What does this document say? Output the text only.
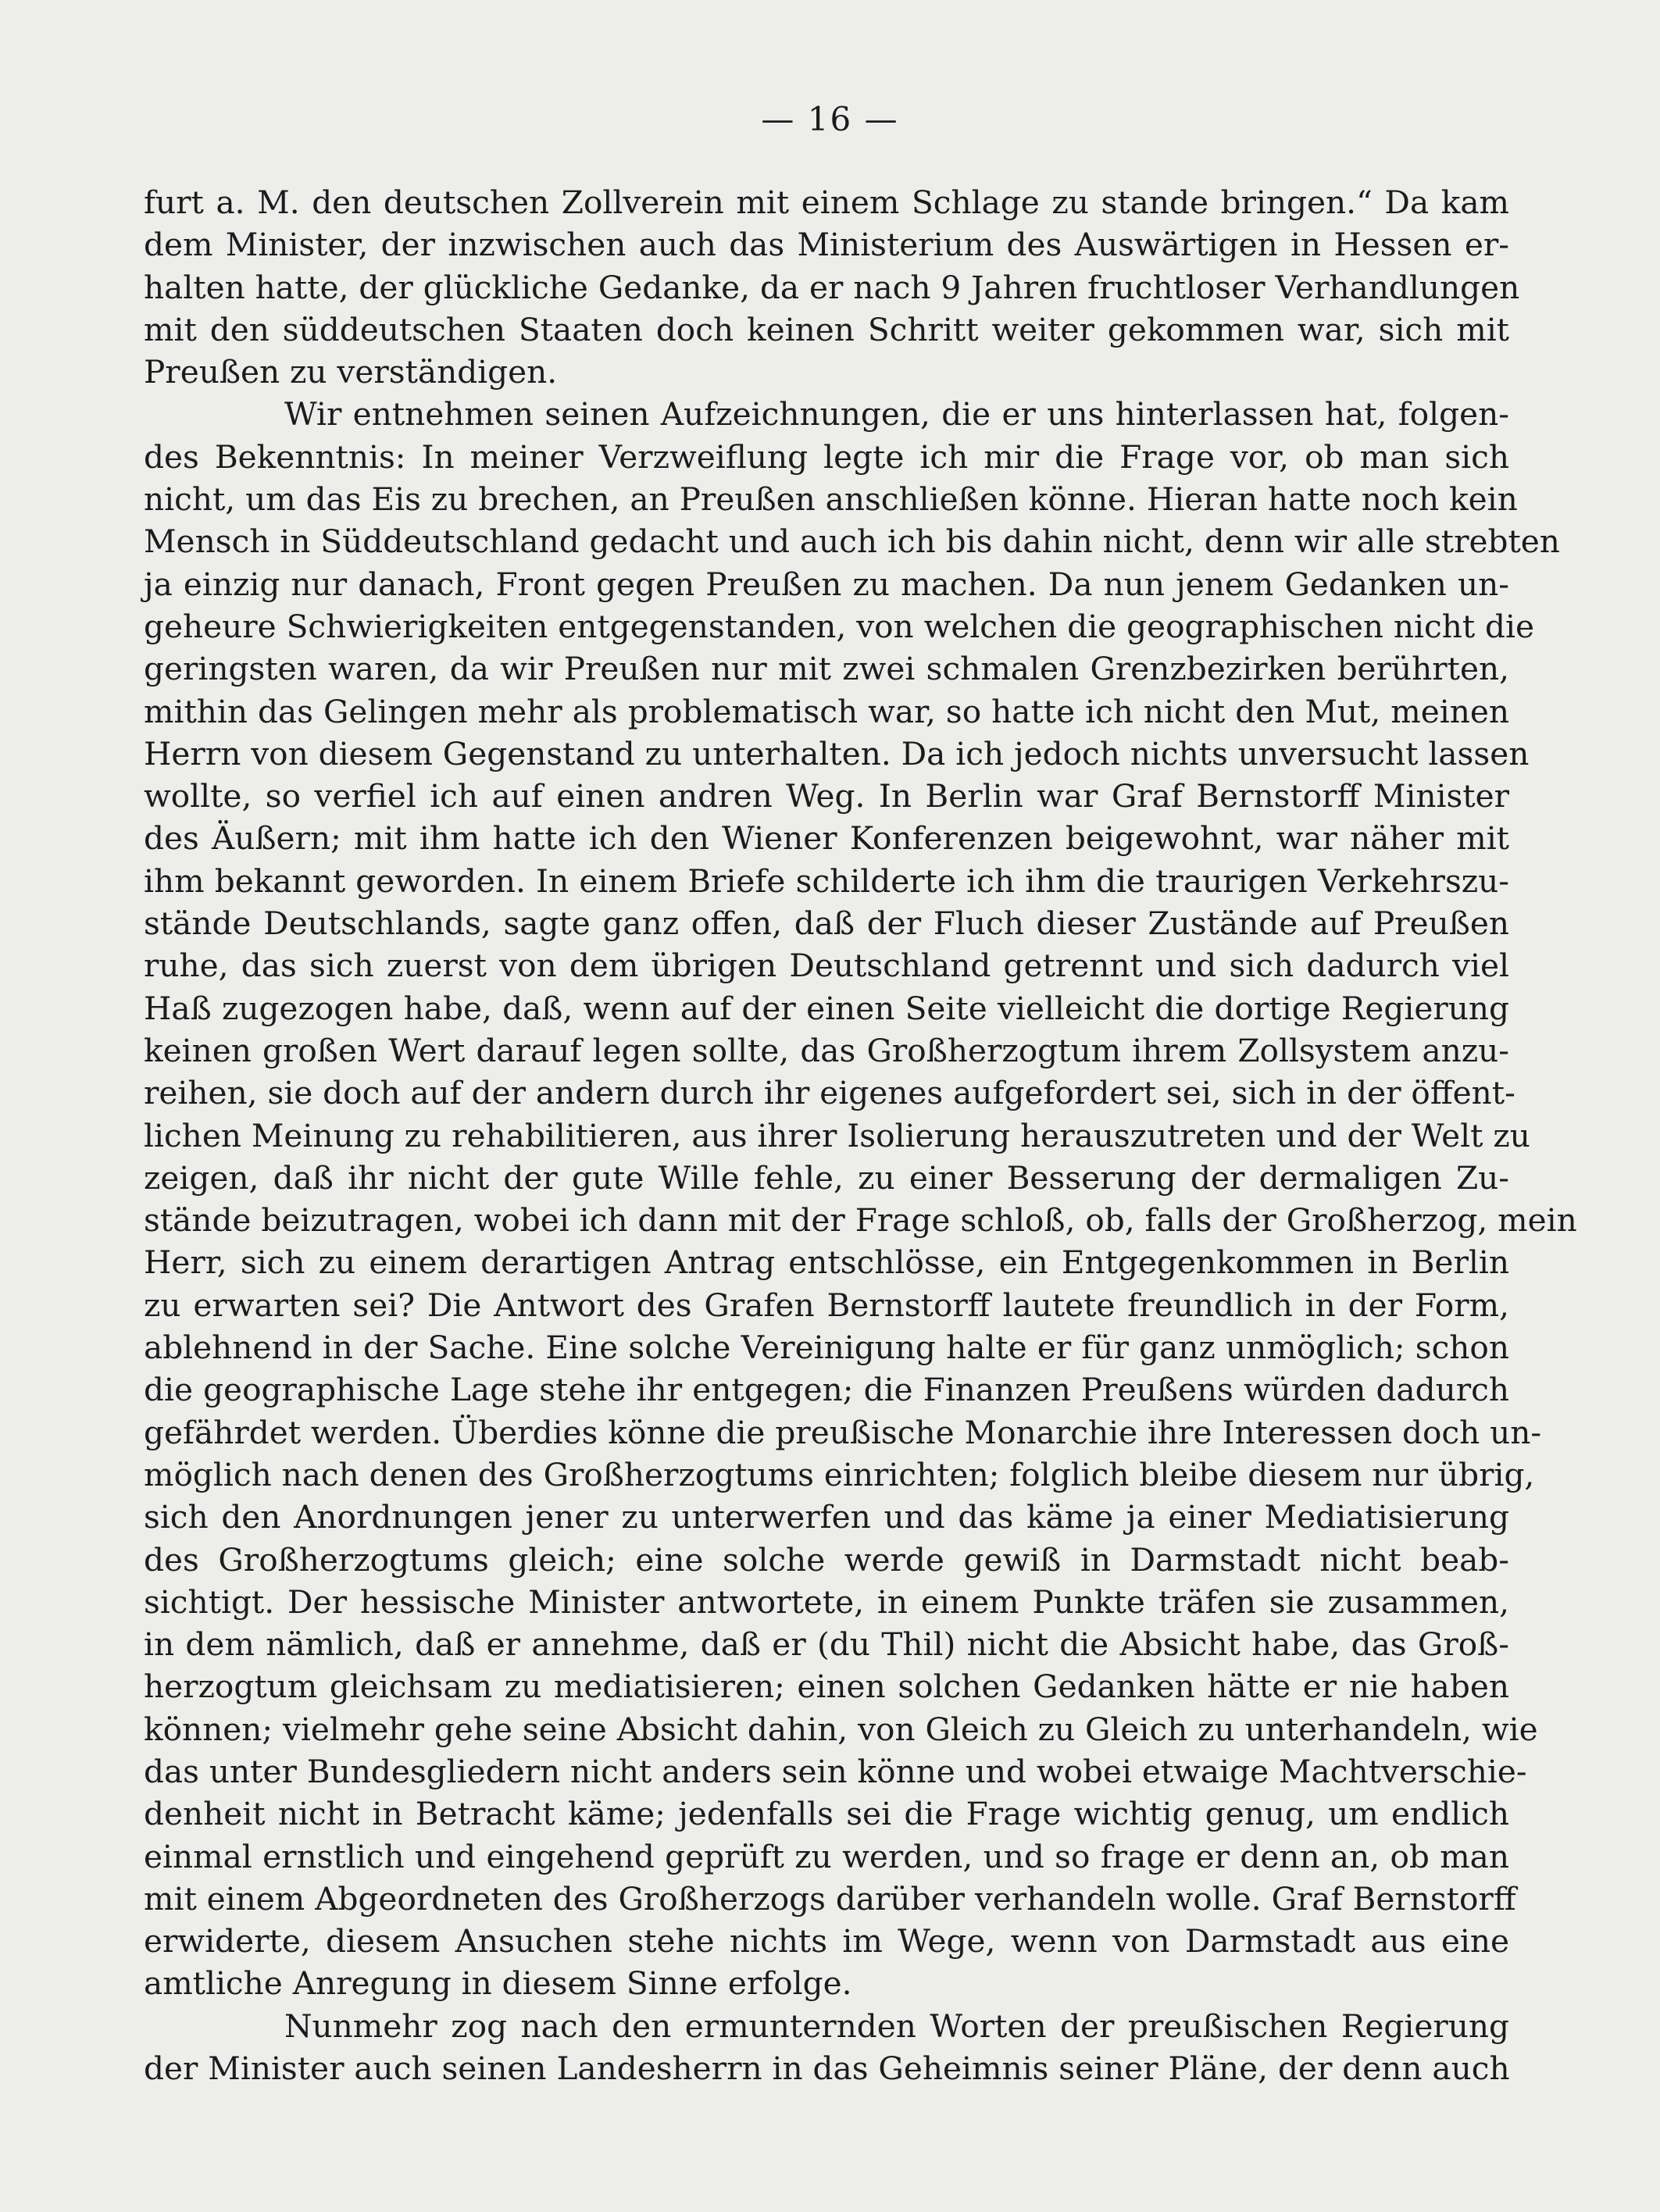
— 16 —
furt a. M. den deutschen Zollverein mit einem Schlage zu stande bringen.“ Da kam
dem Minister, der inzwischen auch das Ministerium des Auswärtigen in Hessen er-
halten hatte, der glückliche Gedanke, da er nach 9 Jahren fruchtloser Verhandlungen
mit den süddeutschen Staaten doch keinen Schritt weiter gekommen war, sich mit
Preußen zu verständigen.
Wir entnehmen seinen Aufzeichnungen, die er uns hinterlassen hat, folgen-
des Bekenntnis: In meiner Verzweiflung legte ich mir die Frage vor, ob man sich
nicht, um das Eis zu brechen, an Preußen anschließen könne. Hieran hatte noch kein
Mensch in Süddeutschland gedacht und auch ich bis dahin nicht, denn wir alle strebten
ja einzig nur danach, Front gegen Preußen zu machen. Da nun jenem Gedanken un-
geheure Schwierigkeiten entgegenstanden, von welchen die geographischen nicht die
geringsten waren, da wir Preußen nur mit zwei schmalen Grenzbezirken berührten,
mithin das Gelingen mehr als problematisch war, so hatte ich nicht den Mut, meinen
Herrn von diesem Gegenstand zu unterhalten. Da ich jedoch nichts unversucht lassen
wollte, so verfiel ich auf einen andren Weg. In Berlin war Graf Bernstorff Minister
des Äußern; mit ihm hatte ich den Wiener Konferenzen beigewohnt, war näher mit
ihm bekannt geworden. In einem Briefe schilderte ich ihm die traurigen Verkehrszu-
stände Deutschlands, sagte ganz offen, daß der Fluch dieser Zustände auf Preußen
ruhe, das sich zuerst von dem übrigen Deutschland getrennt und sich dadurch viel
Haß zugezogen habe, daß, wenn auf der einen Seite vielleicht die dortige Regierung
keinen großen Wert darauf legen sollte, das Großherzogtum ihrem Zollsystem anzu-
reihen, sie doch auf der andern durch ihr eigenes aufgefordert sei, sich in der öffent-
lichen Meinung zu rehabilitieren, aus ihrer Isolierung herauszutreten und der Welt zu
zeigen, daß ihr nicht der gute Wille fehle, zu einer Besserung der dermaligen Zu-
stände beizutragen, wobei ich dann mit der Frage schloß, ob, falls der Großherzog, mein
Herr, sich zu einem derartigen Antrag entschlösse, ein Entgegenkommen in Berlin
zu erwarten sei? Die Antwort des Grafen Bernstorff lautete freundlich in der Form,
ablehnend in der Sache. Eine solche Vereinigung halte er für ganz unmöglich; schon
die geographische Lage stehe ihr entgegen; die Finanzen Preußens würden dadurch
gefährdet werden. Überdies könne die preußische Monarchie ihre Interessen doch un-
möglich nach denen des Großherzogtums einrichten; folglich bleibe diesem nur übrig,
sich den Anordnungen jener zu unterwerfen und das käme ja einer Mediatisierung
des Großherzogtums gleich; eine solche werde gewiß in Darmstadt nicht beab-
sichtigt. Der hessische Minister antwortete, in einem Punkte träfen sie zusammen,
in dem nämlich, daß er annehme, daß er (du Thil) nicht die Absicht habe, das Groß-
herzogtum gleichsam zu mediatisieren; einen solchen Gedanken hätte er nie haben
können; vielmehr gehe seine Absicht dahin, von Gleich zu Gleich zu unterhandeln, wie
das unter Bundesgliedern nicht anders sein könne und wobei etwaige Machtverschie-
denheit nicht in Betracht käme; jedenfalls sei die Frage wichtig genug, um endlich
einmal ernstlich und eingehend geprüft zu werden, und so frage er denn an, ob man
mit einem Abgeordneten des Großherzogs darüber verhandeln wolle. Graf Bernstorff
erwiderte, diesem Ansuchen stehe nichts im Wege, wenn von Darmstadt aus eine
amtliche Anregung in diesem Sinne erfolge.
Nunmehr zog nach den ermunternden Worten der preußischen Regierung
der Minister auch seinen Landesherrn in das Geheimnis seiner Pläne, der denn auch
